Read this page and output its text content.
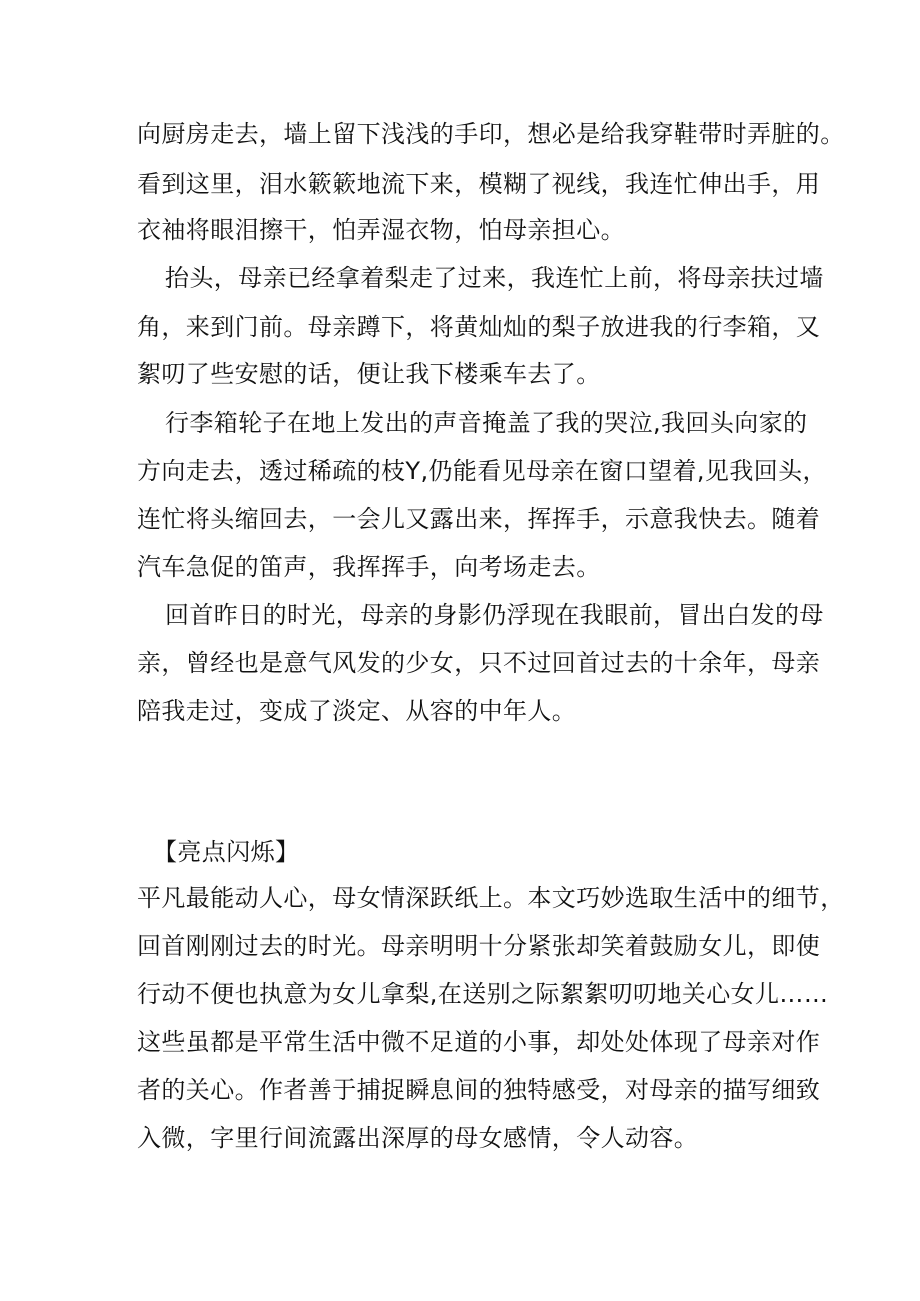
向厨房走去，墙上留下浅浅的手印，想必是给我穿鞋带时弄脏的。
看到这里，泪水簌簌地流下来，模糊了视线，我连忙伸出手，用
衣袖将眼泪擦干，怕弄湿衣物，怕母亲担心。
抬头，母亲已经拿着梨走了过来，我连忙上前，将母亲扶过墙
角，来到门前。母亲蹲下，将黄灿灿的梨子放进我的行李箱，又
絮叨了些安慰的话，便让我下楼乘车去了。
行李箱轮子在地上发出的声音掩盖了我的哭泣,我回头向家的
方向走去，透过稀疏的枝Y,仍能看见母亲在窗口望着,见我回头，
连忙将头缩回去，一会儿又露出来，挥挥手，示意我快去。随着
汽车急促的笛声，我挥挥手，向考场走去。
回首昨日的时光，母亲的身影仍浮现在我眼前，冒出白发的母
亲，曾经也是意气风发的少女，只不过回首过去的十余年，母亲
陪我走过，变成了淡定、从容的中年人。
【亮点闪烁】
平凡最能动人心，母女情深跃纸上。本文巧妙选取生活中的细节，
回首刚刚过去的时光。母亲明明十分紧张却笑着鼓励女儿，即使
行动不便也执意为女儿拿梨,在送别之际絮絮叨叨地关心女儿……
这些虽都是平常生活中微不足道的小事，却处处体现了母亲对作
者的关心。作者善于捕捉瞬息间的独特感受，对母亲的描写细致
入微，字里行间流露出深厚的母女感情，令人动容。
